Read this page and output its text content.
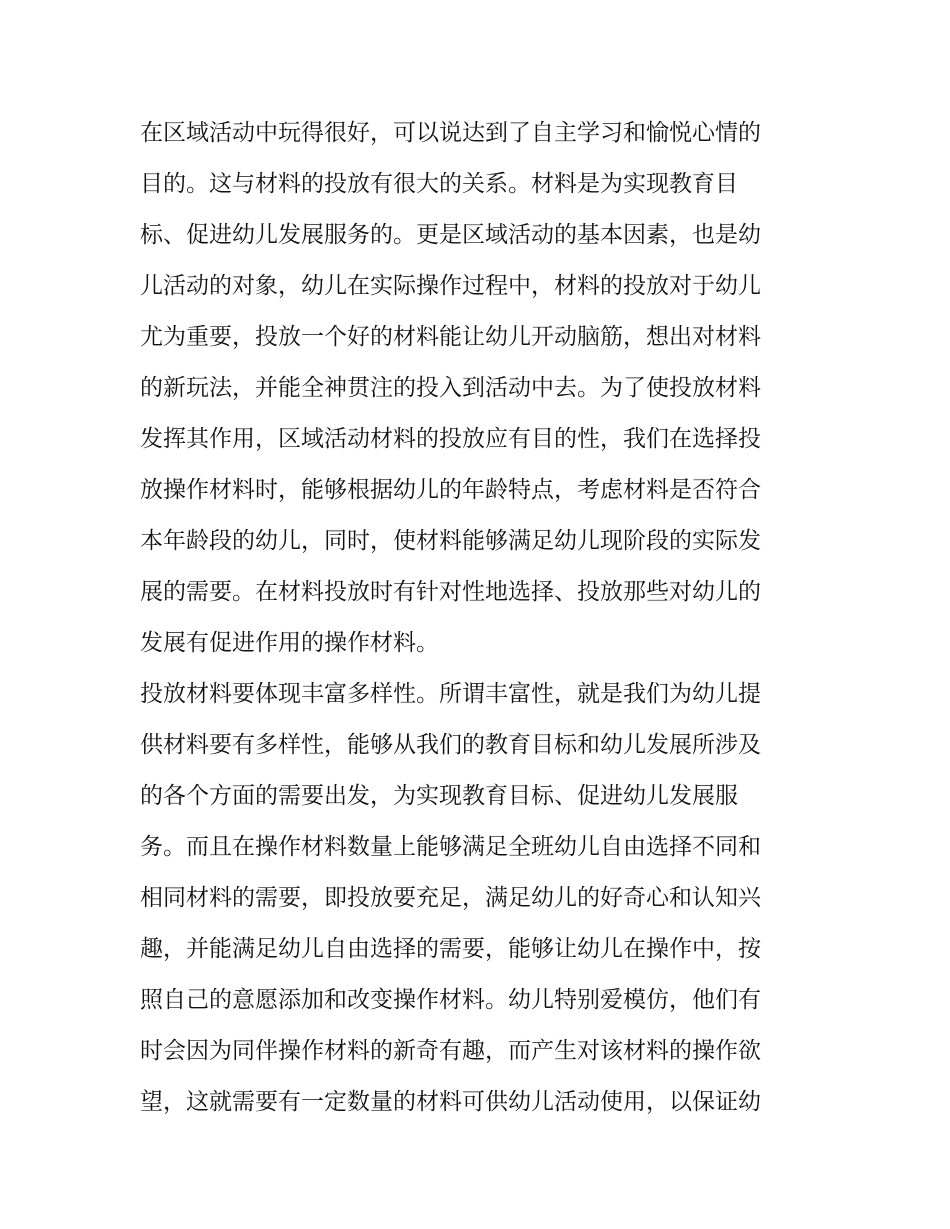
在区域活动中玩得很好，可以说达到了自主学习和愉悦心情的
目的。这与材料的投放有很大的关系。材料是为实现教育目
标、促进幼儿发展服务的。更是区域活动的基本因素，也是幼
儿活动的对象，幼儿在实际操作过程中，材料的投放对于幼儿
尤为重要，投放一个好的材料能让幼儿开动脑筋，想出对材料
的新玩法，并能全神贯注的投入到活动中去。为了使投放材料
发挥其作用，区域活动材料的投放应有目的性，我们在选择投
放操作材料时，能够根据幼儿的年龄特点，考虑材料是否符合
本年龄段的幼儿，同时，使材料能够满足幼儿现阶段的实际发
展的需要。在材料投放时有针对性地选择、投放那些对幼儿的
发展有促进作用的操作材料。
投放材料要体现丰富多样性。所谓丰富性，就是我们为幼儿提
供材料要有多样性，能够从我们的教育目标和幼儿发展所涉及
的各个方面的需要出发，为实现教育目标、促进幼儿发展服
务。而且在操作材料数量上能够满足全班幼儿自由选择不同和
相同材料的需要，即投放要充足，满足幼儿的好奇心和认知兴
趣，并能满足幼儿自由选择的需要，能够让幼儿在操作中，按
照自己的意愿添加和改变操作材料。幼儿特别爱模仿，他们有
时会因为同伴操作材料的新奇有趣，而产生对该材料的操作欲
望，这就需要有一定数量的材料可供幼儿活动使用，以保证幼
